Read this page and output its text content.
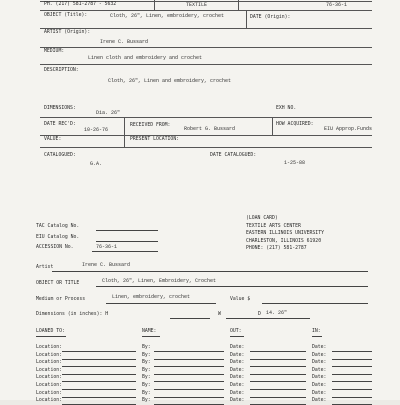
PH. (217) 581-2787 - 5632	TEXTILE	76-36-1
OBJECT (Title):	Cloth, 26", Linen, embroidery, crochet	DATE (Origin):
ARTIST (Origin):
Irene C. Bussard
MEDIUM:
Linen cloth and embroidery and crochet
DESCRIPTION:
Cloth, 26", Linen and embroidery, crochet
DIMENSIONS:
Dia. 26"
EXH NO.
DATE REC'D:
10-26-76
RECEIVED FROM:
Robert G. Bussard
HOW ACQUIRED:
EIU Approp.Funds
VALUE:	PRESENT LOCATION:
CATALOGUED:
G.A.
DATE CATALOGUED:
1-25-88
TAC Catalog No.
EIU Catalog No.
ACCESSION No.	76-36-1
(LOAN CARD)
TEXTILE ARTS CENTER
EASTERN ILLINOIS UNIVERSITY
CHARLESTON, ILLINOIS 61920
PHONE: (217) 581-2787
Artist	Irene C. Bussard
OBJECT OR TITLE	Cloth, 26", Linen, Embroidery, Crochet
Medium or Process	Linen, embroidery, crochet	Value $
Dimensions (in inches): H	W	D 14. 26"
LOANED TO:	NAME:	OUT:	IN:
Location:	By:	Date:	Date:
Location:	By:	Date:	Date:
Location:	By:	Date:	Date:
Location:	By:	Date:	Date:
Location:	By:	Date:	Date:
Location:	By:	Date:	Date:
Location:	By:	Date:	Date:
Location:	By:	Date:	Date:
